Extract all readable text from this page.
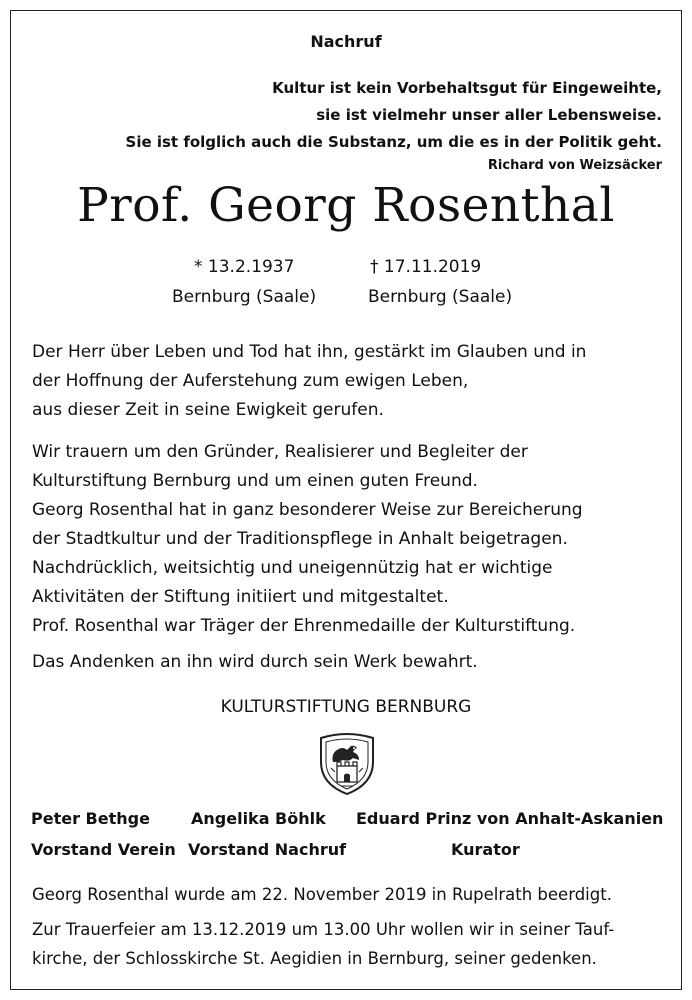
Nachruf
Kultur ist kein Vorbehaltsgut für Eingeweihte,
sie ist vielmehr unser aller Lebensweise.
Sie ist folglich auch die Substanz, um die es in der Politik geht.
Richard von Weizsäcker
Prof. Georg Rosenthal
* 13.2.1937	† 17.11.2019
Bernburg (Saale)	Bernburg (Saale)
Der Herr über Leben und Tod hat ihn, gestärkt im Glauben und in
der Hoffnung der Auferstehung zum ewigen Leben,
aus dieser Zeit in seine Ewigkeit gerufen.
Wir trauern um den Gründer, Realisierer und Begleiter der
Kulturstiftung Bernburg und um einen guten Freund.
Georg Rosenthal hat in ganz besonderer Weise zur Bereicherung
der Stadtkultur und der Traditionspflege in Anhalt beigetragen.
Nachdrücklich, weitsichtig und uneigennützig hat er wichtige
Aktivitäten der Stiftung initiiert und mitgestaltet.
Prof. Rosenthal war Träger der Ehrenmedaille der Kulturstiftung.
Das Andenken an ihn wird durch sein Werk bewahrt.
KULTURSTIFTUNG BERNBURG
Peter Bethge
Vorstand Verein
Angelika Böhlk
Vorstand Nachruf
Eduard Prinz von Anhalt-Askanien
Kurator
Georg Rosenthal wurde am 22. November 2019 in Rupelrath beerdigt.
Zur Trauerfeier am 13.12.2019 um 13.00 Uhr wollen wir in seiner Tauf-
kirche, der Schlosskirche St. Aegidien in Bernburg, seiner gedenken.
